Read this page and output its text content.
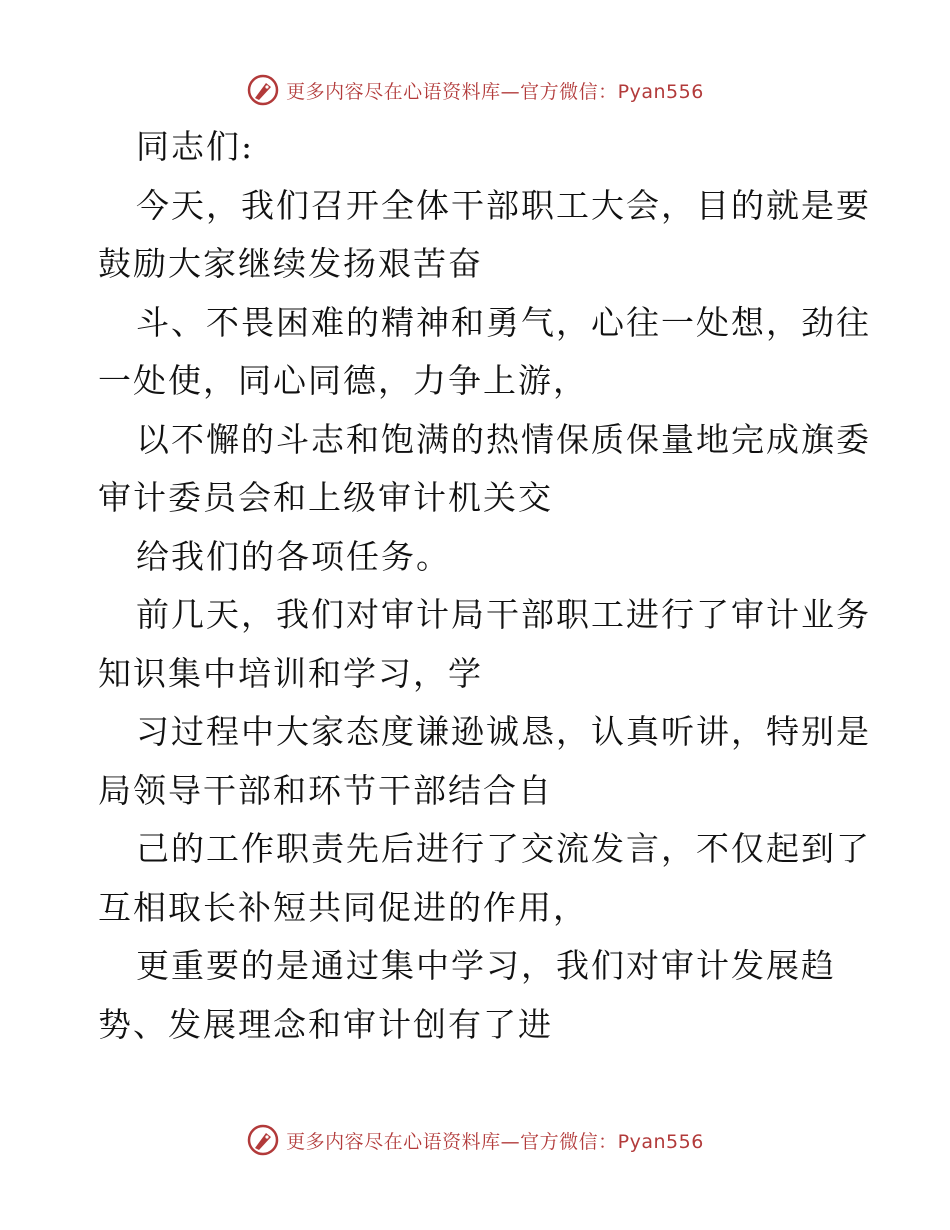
更多内容尽在心语资料库—官方微信：Pyan556
同志们:
今天，我们召开全体干部职工大会，目的就是要
鼓励大家继续发扬艰苦奋
斗、不畏困难的精神和勇气，心往一处想，劲往
一处使，同心同德，力争上游，
以不懈的斗志和饱满的热情保质保量地完成旗委
审计委员会和上级审计机关交
给我们的各项任务。
前几天，我们对审计局干部职工进行了审计业务
知识集中培训和学习，学
习过程中大家态度谦逊诚恳，认真听讲，特别是
局领导干部和环节干部结合自
己的工作职责先后进行了交流发言，不仅起到了
互相取长补短共同促进的作用，
更重要的是通过集中学习，我们对审计发展趋
势、发展理念和审计创有了进
更多内容尽在心语资料库—官方微信：Pyan556
